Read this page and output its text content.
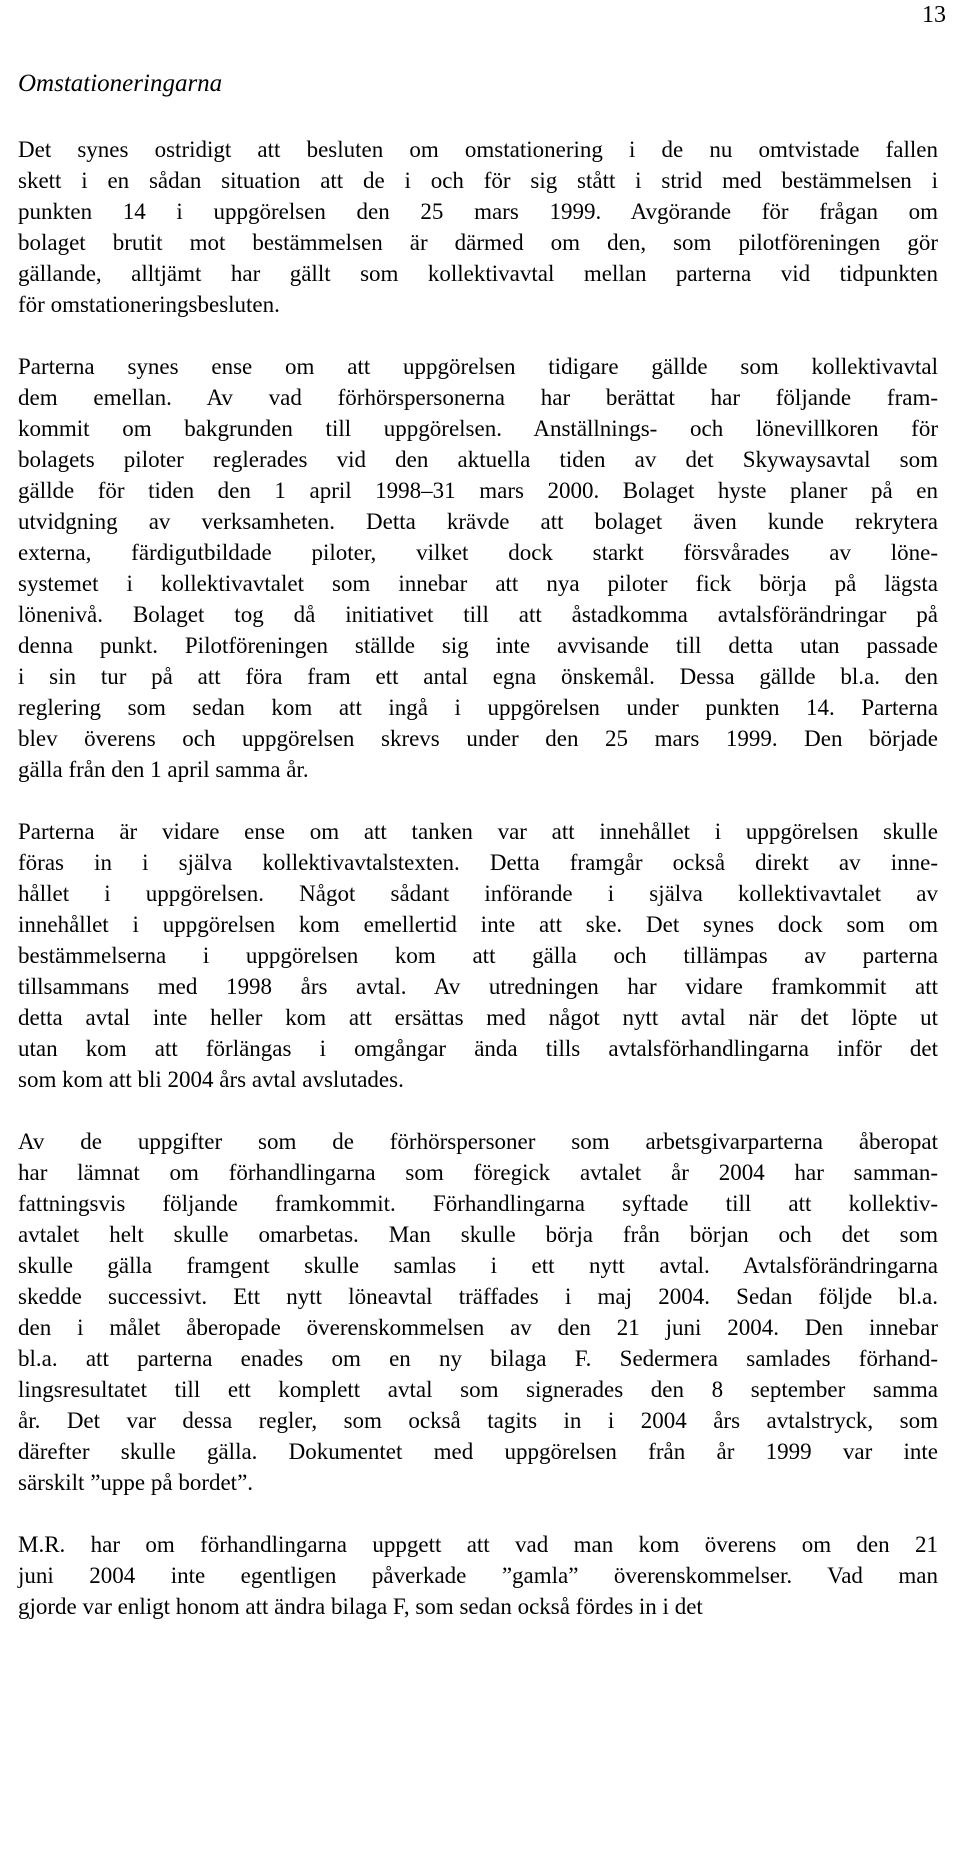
13
Omstationeringarna
Det synes ostridigt att besluten om omstationering i de nu omtvistade fallen
skett i en sådan situation att de i och för sig stått i strid med bestämmelsen i
punkten 14 i uppgörelsen den 25 mars 1999. Avgörande för frågan om
bolaget brutit mot bestämmelsen är därmed om den, som pilotföreningen gör
gällande, alltjämt har gällt som kollektivavtal mellan parterna vid tidpunkten
för omstationeringsbesluten.
Parterna synes ense om att uppgörelsen tidigare gällde som kollektivavtal
dem emellan. Av vad förhörspersonerna har berättat har följande fram-
kommit om bakgrunden till uppgörelsen. Anställnings- och lönevillkoren för
bolagets piloter reglerades vid den aktuella tiden av det Skywaysavtal som
gällde för tiden den 1 april 1998–31 mars 2000. Bolaget hyste planer på en
utvidgning av verksamheten. Detta krävde att bolaget även kunde rekrytera
externa, färdigutbildade piloter, vilket dock starkt försvårades av löne-
systemet i kollektivavtalet som innebar att nya piloter fick börja på lägsta
lönenivå. Bolaget tog då initiativet till att åstadkomma avtalsförändringar på
denna punkt. Pilotföreningen ställde sig inte avvisande till detta utan passade
i sin tur på att föra fram ett antal egna önskemål. Dessa gällde bl.a. den
reglering som sedan kom att ingå i uppgörelsen under punkten 14. Parterna
blev överens och uppgörelsen skrevs under den 25 mars 1999. Den började
gälla från den 1 april samma år.
Parterna är vidare ense om att tanken var att innehållet i uppgörelsen skulle
föras in i själva kollektivavtalstexten. Detta framgår också direkt av inne-
hållet i uppgörelsen. Något sådant införande i själva kollektivavtalet av
innehållet i uppgörelsen kom emellertid inte att ske. Det synes dock som om
bestämmelserna i uppgörelsen kom att gälla och tillämpas av parterna
tillsammans med 1998 års avtal. Av utredningen har vidare framkommit att
detta avtal inte heller kom att ersättas med något nytt avtal när det löpte ut
utan kom att förlängas i omgångar ända tills avtalsförhandlingarna inför det
som kom att bli 2004 års avtal avslutades.
Av de uppgifter som de förhörspersoner som arbetsgivarparterna åberopat
har lämnat om förhandlingarna som föregick avtalet år 2004 har samman-
fattningsvis följande framkommit. Förhandlingarna syftade till att kollektiv-
avtalet helt skulle omarbetas. Man skulle börja från början och det som
skulle gälla framgent skulle samlas i ett nytt avtal. Avtalsförändringarna
skedde successivt. Ett nytt löneavtal träffades i maj 2004. Sedan följde bl.a.
den i målet åberopade överenskommelsen av den 21 juni 2004. Den innebar
bl.a. att parterna enades om en ny bilaga F. Sedermera samlades förhand-
lingsresultatet till ett komplett avtal som signerades den 8 september samma
år. Det var dessa regler, som också tagits in i 2004 års avtalstryck, som
därefter skulle gälla. Dokumentet med uppgörelsen från år 1999 var inte
särskilt ”uppe på bordet”.
M.R. har om förhandlingarna uppgett att vad man kom överens om den 21
juni 2004 inte egentligen påverkade ”gamla” överenskommelser. Vad man
gjorde var enligt honom att ändra bilaga F, som sedan också fördes in i det
